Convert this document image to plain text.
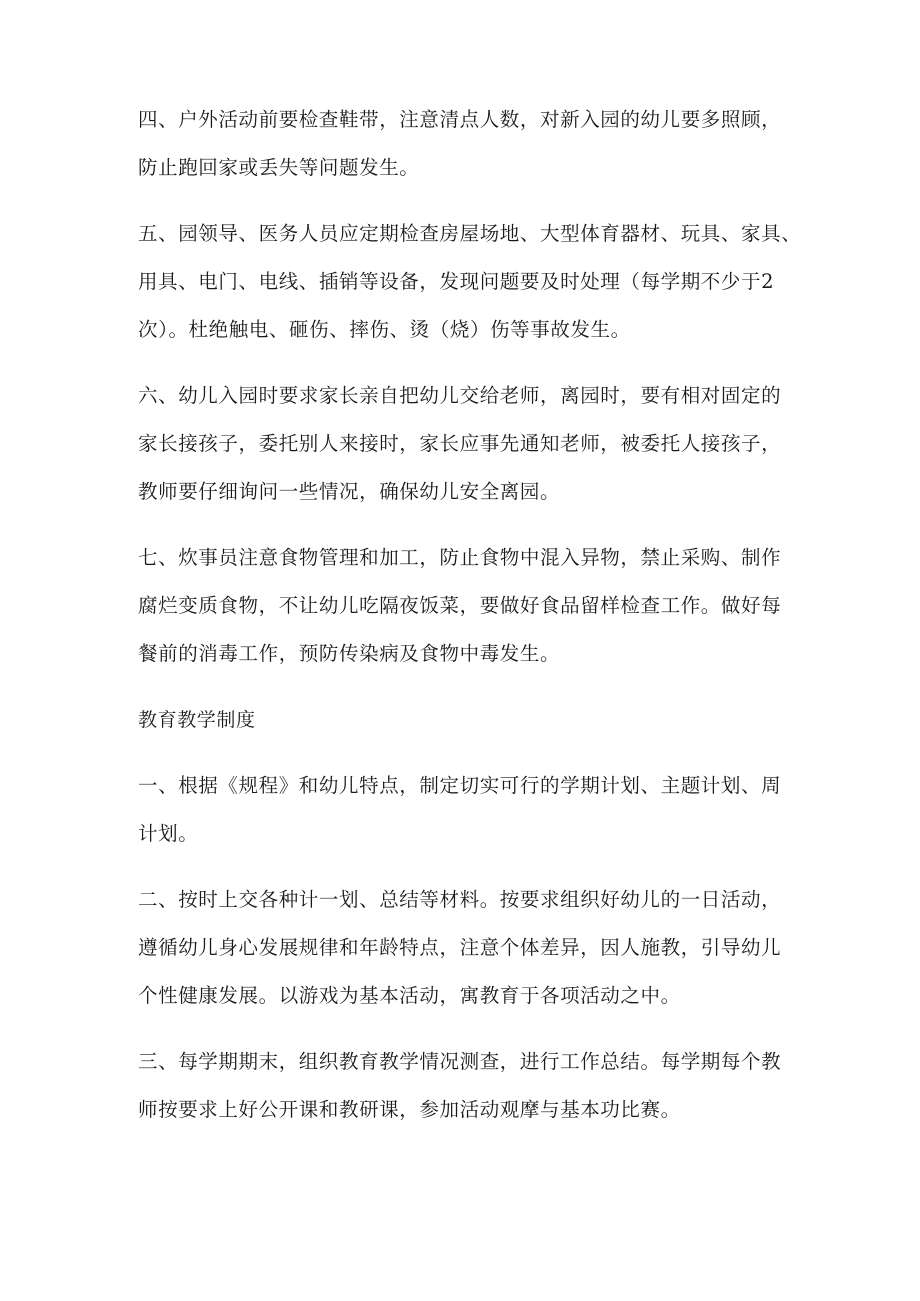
四、户外活动前要检查鞋带，注意清点人数，对新入园的幼儿要多照顾，
防止跑回家或丢失等问题发生。
五、园领导、医务人员应定期检查房屋场地、大型体育器材、玩具、家具、
用具、电门、电线、插销等设备，发现问题要及时处理（每学期不少于2
次）。杜绝触电、砸伤、摔伤、烫（烧）伤等事故发生。
六、幼儿入园时要求家长亲自把幼儿交给老师，离园时，要有相对固定的
家长接孩子，委托别人来接时，家长应事先通知老师，被委托人接孩子，
教师要仔细询问一些情况，确保幼儿安全离园。
七、炊事员注意食物管理和加工，防止食物中混入异物，禁止采购、制作
腐烂变质食物，不让幼儿吃隔夜饭菜，要做好食品留样检查工作。做好每
餐前的消毒工作，预防传染病及食物中毒发生。
教育教学制度
一、根据《规程》和幼儿特点，制定切实可行的学期计划、主题计划、周
计划。
二、按时上交各种计一划、总结等材料。按要求组织好幼儿的一日活动，
遵循幼儿身心发展规律和年龄特点，注意个体差异，因人施教，引导幼儿
个性健康发展。以游戏为基本活动，寓教育于各项活动之中。
三、每学期期末，组织教育教学情况测查，进行工作总结。每学期每个教
师按要求上好公开课和教研课，参加活动观摩与基本功比赛。
